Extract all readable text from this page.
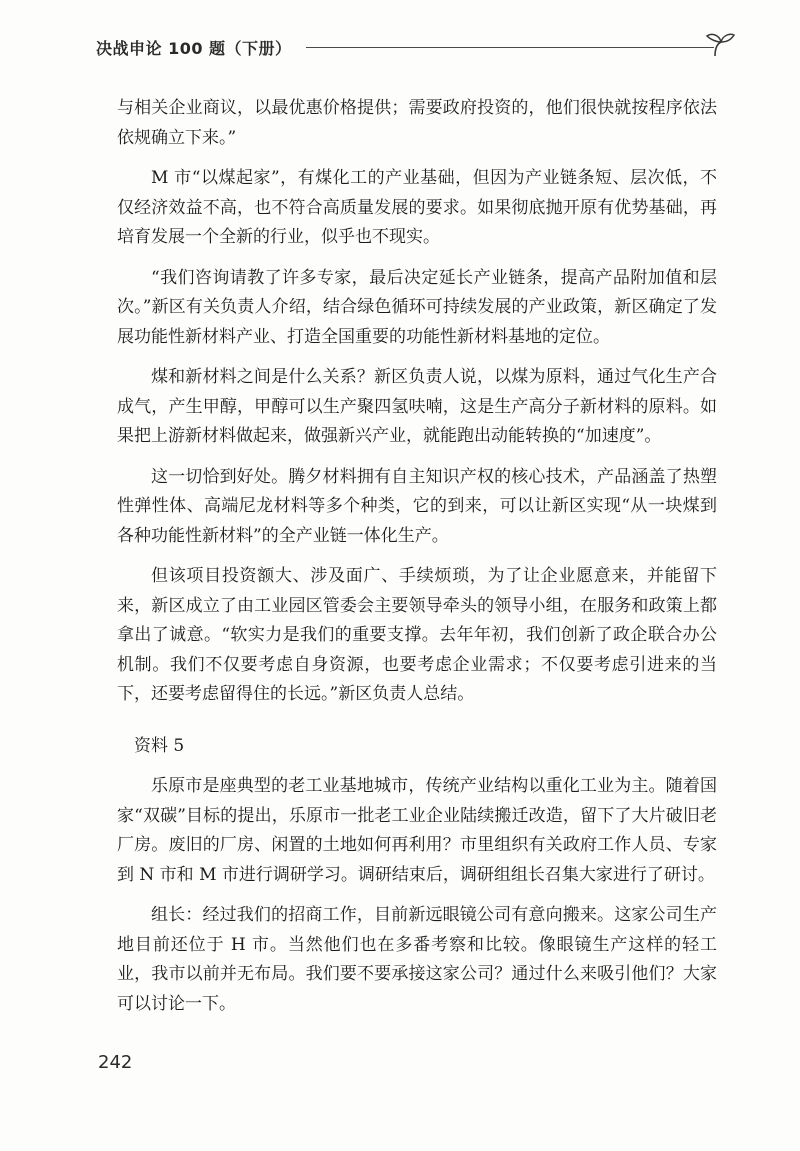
决战申论 100 题（下册）

与相关企业商议，以最优惠价格提供；需要政府投资的，他们很快就按程序依法依规确立下来。”

M 市“以煤起家”，有煤化工的产业基础，但因为产业链条短、层次低，不仅经济效益不高，也不符合高质量发展的要求。如果彻底抛开原有优势基础，再培育发展一个全新的行业，似乎也不现实。

“我们咨询请教了许多专家，最后决定延长产业链条，提高产品附加值和层次。”新区有关负责人介绍，结合绿色循环可持续发展的产业政策，新区确定了发展功能性新材料产业、打造全国重要的功能性新材料基地的定位。

煤和新材料之间是什么关系？新区负责人说，以煤为原料，通过气化生产合成气，产生甲醇，甲醇可以生产聚四氢呋喃，这是生产高分子新材料的原料。如果把上游新材料做起来，做强新兴产业，就能跑出动能转换的“加速度”。

这一切恰到好处。腾夕材料拥有自主知识产权的核心技术，产品涵盖了热塑性弹性体、高端尼龙材料等多个种类，它的到来，可以让新区实现“从一块煤到各种功能性新材料”的全产业链一体化生产。

但该项目投资额大、涉及面广、手续烦琐，为了让企业愿意来，并能留下来，新区成立了由工业园区管委会主要领导牵头的领导小组，在服务和政策上都拿出了诚意。“软实力是我们的重要支撑。去年年初，我们创新了政企联合办公机制。我们不仅要考虑自身资源，也要考虑企业需求；不仅要考虑引进来的当下，还要考虑留得住的长远。”新区负责人总结。

资料 5

乐原市是座典型的老工业基地城市，传统产业结构以重化工业为主。随着国家“双碳”目标的提出，乐原市一批老工业企业陆续搬迁改造，留下了大片破旧老厂房。废旧的厂房、闲置的土地如何再利用？市里组织有关政府工作人员、专家到 N 市和 M 市进行调研学习。调研结束后，调研组组长召集大家进行了研讨。

组长：经过我们的招商工作，目前新远眼镜公司有意向搬来。这家公司生产地目前还位于 H 市。当然他们也在多番考察和比较。像眼镜生产这样的轻工业，我市以前并无布局。我们要不要承接这家公司？通过什么来吸引他们？大家可以讨论一下。

242
